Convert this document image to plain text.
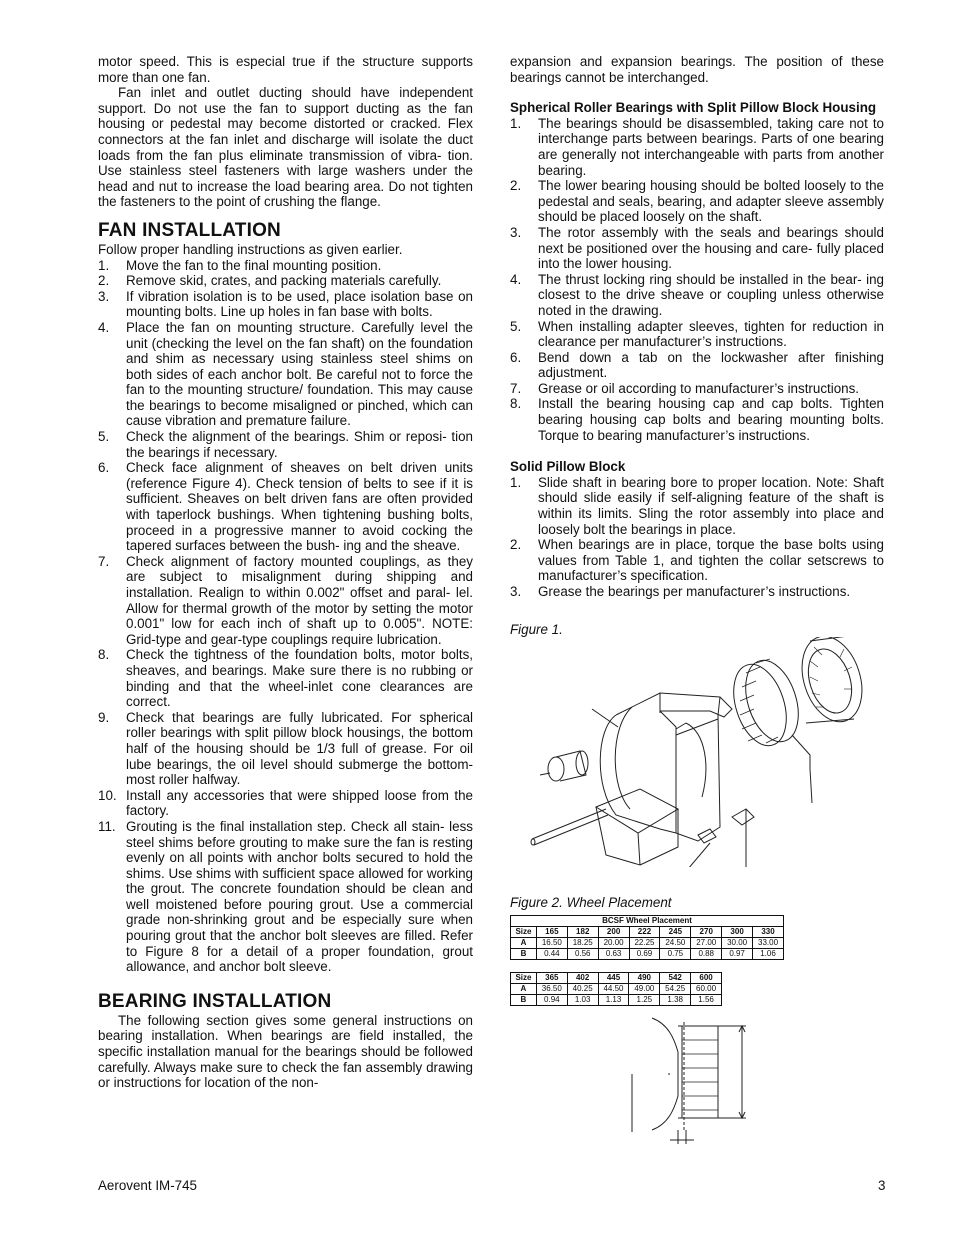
motor speed. This is especial true if the structure supports more than one fan.

Fan inlet and outlet ducting should have independent support. Do not use the fan to support ducting as the fan housing or pedestal may become distorted or cracked. Flex connectors at the fan inlet and discharge will isolate the duct loads from the fan plus eliminate transmission of vibra- tion. Use stainless steel fasteners with large washers under the head and nut to increase the load bearing area. Do not tighten the fasteners to the point of crushing the flange.

FAN INSTALLATION

Follow proper handling instructions as given earlier.

1.	Move the fan to the final mounting position.
2.	Remove skid, crates, and packing materials carefully.
3.	If vibration isolation is to be used, place isolation base on mounting bolts. Line up holes in fan base with bolts.
4.	Place the fan on mounting structure. Carefully level the unit (checking the level on the fan shaft) on the foundation and shim as necessary using stainless steel shims on both sides of each anchor bolt. Be careful not to force the fan to the mounting structure/ foundation. This may cause the bearings to become misaligned or pinched, which can cause vibration and premature failure.
5.	Check the alignment of the bearings. Shim or reposi- tion the bearings if necessary.
6.	Check face alignment of sheaves on belt driven units (reference Figure 4). Check tension of belts to see if it is sufficient. Sheaves on belt driven fans are often provided with taperlock bushings. When tightening bushing bolts, proceed in a progressive manner to avoid cocking the tapered surfaces between the bush- ing and the sheave.
7.	Check alignment of factory mounted couplings, as they are subject to misalignment during shipping and installation. Realign to within 0.002" offset and paral- lel. Allow for thermal growth of the motor by setting the motor 0.001" low for each inch of shaft up to 0.005". NOTE: Grid-type and gear-type couplings require lubrication.
8.	Check the tightness of the foundation bolts, motor bolts, sheaves, and bearings. Make sure there is no rubbing or binding and that the wheel-inlet cone clearances are correct.
9.	Check that bearings are fully lubricated. For spherical roller bearings with split pillow block housings, the bottom half of the housing should be 1/3 full of grease. For oil lube bearings, the oil level should submerge the bottom-most roller halfway.
10. Install any accessories that were shipped loose from the factory.
11. Grouting is the final installation step. Check all stain- less steel shims before grouting to make sure the fan is resting evenly on all points with anchor bolts secured to hold the shims. Use shims with sufficient space allowed for working the grout. The concrete foundation should be clean and well moistened before pouring grout. Use a commercial grade non-shrinking grout and be especially sure when pouring grout that the anchor bolt sleeves are filled. Refer to Figure 8 for a detail of a proper foundation, grout allowance, and anchor bolt sleeve.
BEARING INSTALLATION

The following section gives some general instructions on bearing installation. When bearings are field installed, the specific installation manual for the bearings should be followed carefully. Always make sure to check the fan assembly drawing or instructions for location of the non-

expansion and expansion bearings. The position of these bearings cannot be interchanged.

Spherical Roller Bearings with Split Pillow Block Housing
1.	The bearings should be disassembled, taking care not to interchange parts between bearings. Parts of one bearing are generally not interchangeable with parts from another bearing.
2.	The lower bearing housing should be bolted loosely to the pedestal and seals, bearing, and adapter sleeve assembly should be placed loosely on the shaft.
3.	The rotor assembly with the seals and bearings should next be positioned over the housing and care- fully placed into the lower housing.
4.	The thrust locking ring should be installed in the bear- ing closest to the drive sheave or coupling unless otherwise noted in the drawing.
5.	When installing adapter sleeves, tighten for reduction in clearance per manufacturer’s instructions.
6.	Bend down a tab on the lockwasher after finishing adjustment.
7.	Grease or oil according to manufacturer’s instructions.
8.	Install the bearing housing cap and cap bolts. Tighten bearing housing cap bolts and bearing mounting bolts. Torque to bearing manufacturer’s instructions.
Solid Pillow Block
1.	Slide shaft in bearing bore to proper location. Note: Shaft should slide easily if self-aligning feature of the shaft is within its limits. Sling the rotor assembly into place and loosely bolt the bearings in place.
2.	When bearings are in place, torque the base bolts using values from Table 1, and tighten the collar setscrews to manufacturer’s specification.
3.	Grease the bearings per manufacturer’s instructions.

Figure 1.

Figure 2. Wheel Placement

BCSF Wheel Placement								
Size	165	182	200	222	245	270	300	330
A	16.50	18.25	20.00	22.25	24.50	27.00	30.00	33.00
B	0.44	0.56	0.63	0.69	0.75	0.88	0.97	1.06
Size	365	402	445	490	542	600
A	36.50	40.25	44.50	49.00	54.25	60.00
B	0.94	1.03	1.13	1.25	1.38	1.56
Aerovent IM-745	3
